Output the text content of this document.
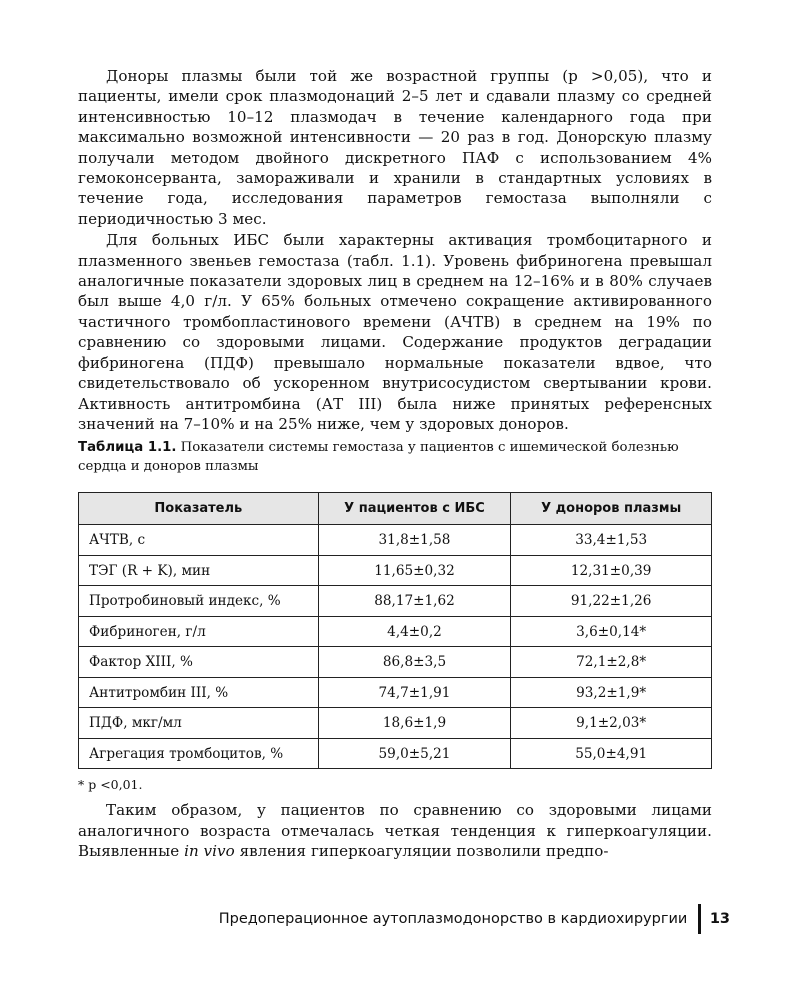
Доноры плазмы были той же возрастной группы (p >0,05), что и пациенты, имели срок плазмодонаций 2–5 лет и сдавали плазму со средней интенсивностью 10–12 плазмодач в течение календарного года при максимально возможной интенсивности — 20 раз в год. Донорскую плазму получали методом двойного дискретного ПАФ с использованием 4% гемоконсерванта, замораживали и хранили в стандартных условиях в течение года, исследования параметров гемостаза выполняли с периодичностью 3 мес.

Для больных ИБС были характерны активация тромбоцитарного и плазменного звеньев гемостаза (табл. 1.1). Уровень фибриногена превышал аналогичные показатели здоровых лиц в среднем на 12–16% и в 80% случаев был выше 4,0 г/л. У 65% больных отмечено сокращение активированного частичного тромбопластинового времени (АЧТВ) в среднем на 19% по сравнению со здоровыми лицами. Содержание продуктов деградации фибриногена (ПДФ) превышало нормальные показатели вдвое, что свидетельствовало об ускоренном внутрисосудистом свертывании крови. Активность антитромбина (АТ III) была ниже принятых референсных значений на 7–10% и на 25% ниже, чем у здоровых доноров.

Таблица 1.1. Показатели системы гемостаза у пациентов с ишемической болезнью сердца и доноров плазмы
Показатель	У пациентов с ИБС	У доноров плазмы
АЧТВ, с	31,8±1,58	33,4±1,53
ТЭГ (R + K), мин	11,65±0,32	12,31±0,39
Протробиновый индекс, %	88,17±1,62	91,22±1,26
Фибриноген, г/л	4,4±0,2	3,6±0,14*
Фактор XIII, %	86,8±3,5	72,1±2,8*
Антитромбин III, %	74,7±1,91	93,2±1,9*
ПДФ, мкг/мл	18,6±1,9	9,1±2,03*
Агрегация тромбоцитов, %	59,0±5,21	55,0±4,91
* p <0,01.

Таким образом, у пациентов по сравнению со здоровыми лицами аналогичного возраста отмечалась четкая тенденция к гиперкоагуляции. Выявленные in vivo явления гиперкоагуляции позволили предпо-

Предоперационное аутоплазмодонорство в кардиохирургии 13
